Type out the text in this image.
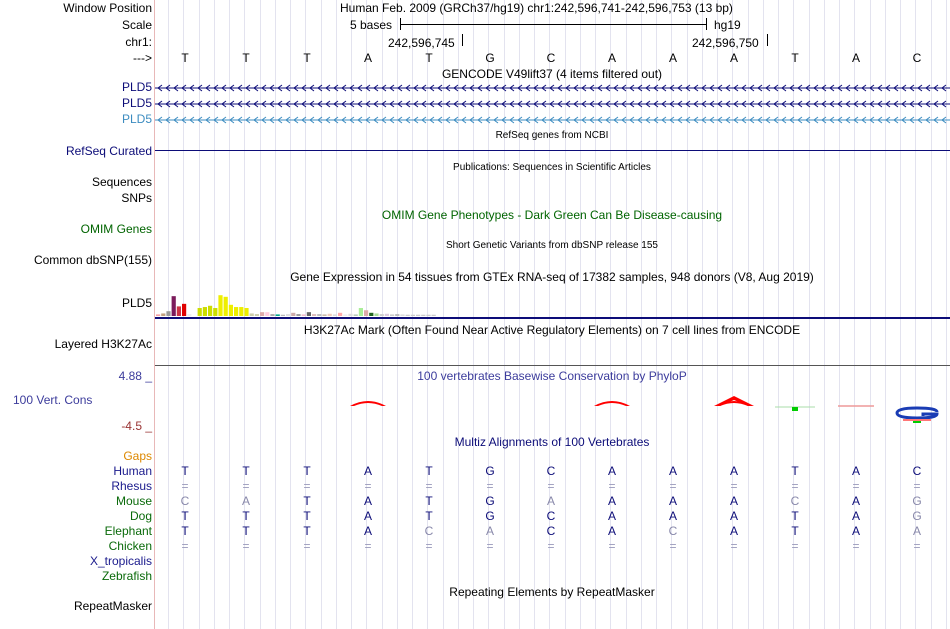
Window Position	Human Feb. 2009 (GRCh37/hg19) chr1:242,596,741-242,596,753 (13 bp)
Scale	5 bases	hg19
chr1:	242,596,745	242,596,750
---> T	T	T	A	T	G	C	A	A	A	T	A	C
GENCODE V49lift37 (4 items filtered out)
PLD5
PLD5
PLD5
RefSeq genes from NCBI
RefSeq Curated
Publications: Sequences in Scientific Articles
Sequences
SNPs
OMIM Gene Phenotypes - Dark Green Can Be Disease-causing
OMIM Genes
Short Genetic Variants from dbSNP release 155
Common dbSNP(155)
Gene Expression in 54 tissues from GTEx RNA-seq of 17382 samples, 948 donors (V8, Aug 2019)
PLD5
H3K27Ac Mark (Often Found Near Active Regulatory Elements) on 7 cell lines from ENCODE
Layered H3K27Ac
4.88 _	100 vertebrates Basewise Conservation by PhyloP
100 Vert. Cons
-4.5 _
Multiz Alignments of 100 Vertebrates
Gaps
Human T	T	T	A	T	G	C	A	A	A	T	A	C
Rhesus =	=	=	=	=	=	=	=	=	=	=	=	=
Mouse C	A	T	A	T	G	A	A	A	A	C	A	G
Dog T	T	T	A	T	G	C	A	A	A	T	A	G
Elephant T	T	T	A	C	A	C	A	C	A	T	A	A
Chicken =	=	=	=	=	=	=	=	=	=	=	=	=
X_tropicalis
Zebrafish
Repeating Elements by RepeatMasker
RepeatMasker
